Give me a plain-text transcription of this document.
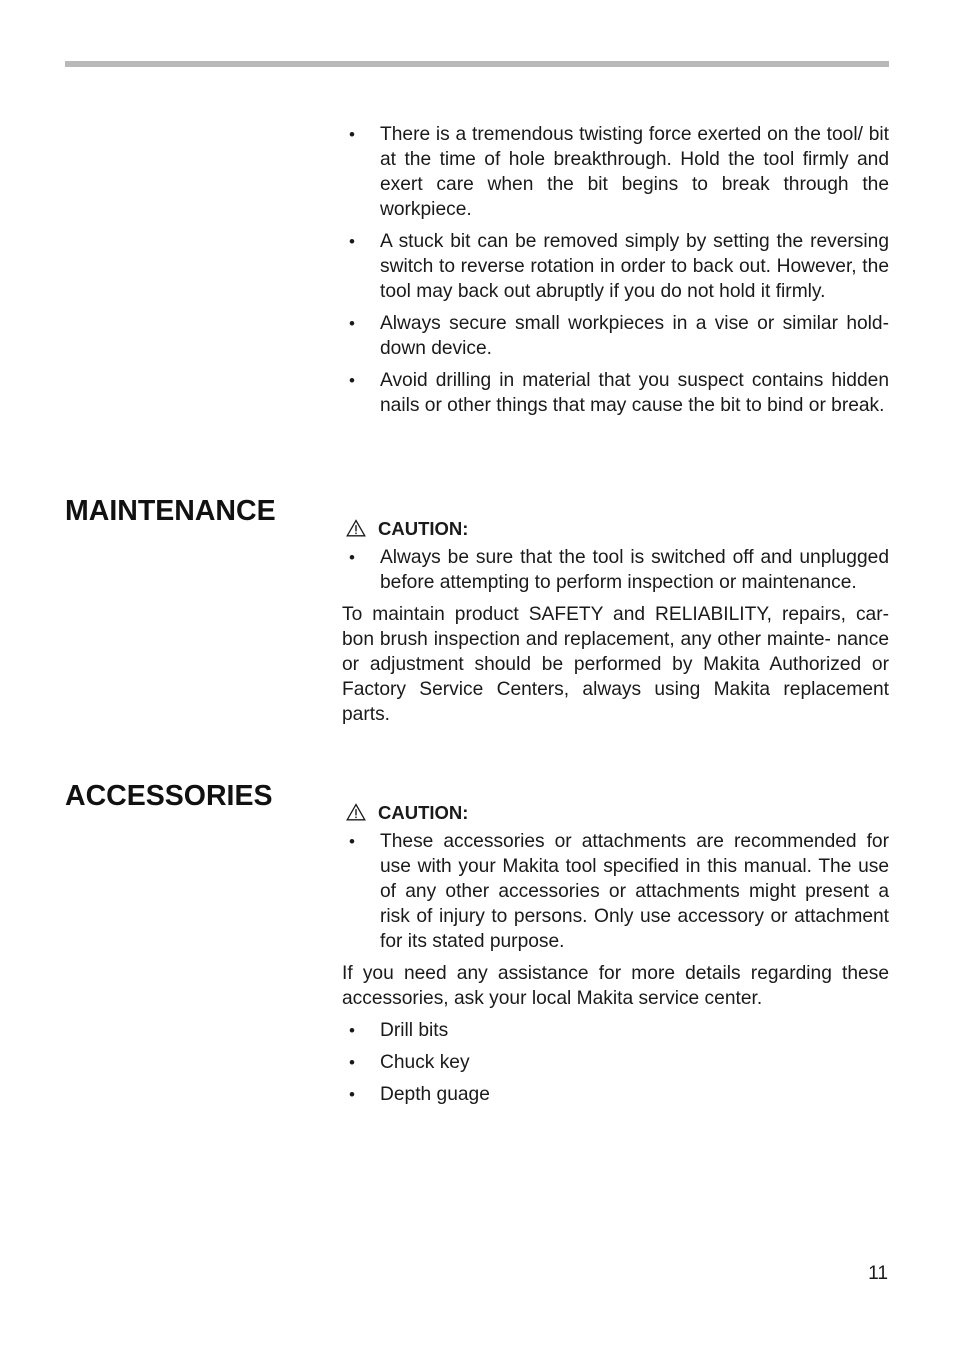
• There is a tremendous twisting force exerted on the tool/ bit at the time of hole breakthrough. Hold the tool firmly and exert care when the bit begins to break through the workpiece.
• A stuck bit can be removed simply by setting the reversing switch to reverse rotation in order to back out. However, the tool may back out abruptly if you do not hold it firmly.
• Always secure small workpieces in a vise or similar hold- down device.
• Avoid drilling in material that you suspect contains hidden nails or other things that may cause the bit to bind or break.
MAINTENANCE
CAUTION:
• Always be sure that the tool is switched off and unplugged before attempting to perform inspection or maintenance.

To maintain product SAFETY and RELIABILITY, repairs, car- bon brush inspection and replacement, any other mainte- nance or adjustment should be performed by Makita Authorized or Factory Service Centers, always using Makita replacement parts.

ACCESSORIES	CAUTION:
• These accessories or attachments are recommended for use with your Makita tool specified in this manual. The use of any other accessories or attachments might present a risk of injury to persons. Only use accessory or attachment for its stated purpose.

If you need any assistance for more details regarding these accessories, ask your local Makita service center.

• Drill bits
• Chuck key
• Depth guage
11
